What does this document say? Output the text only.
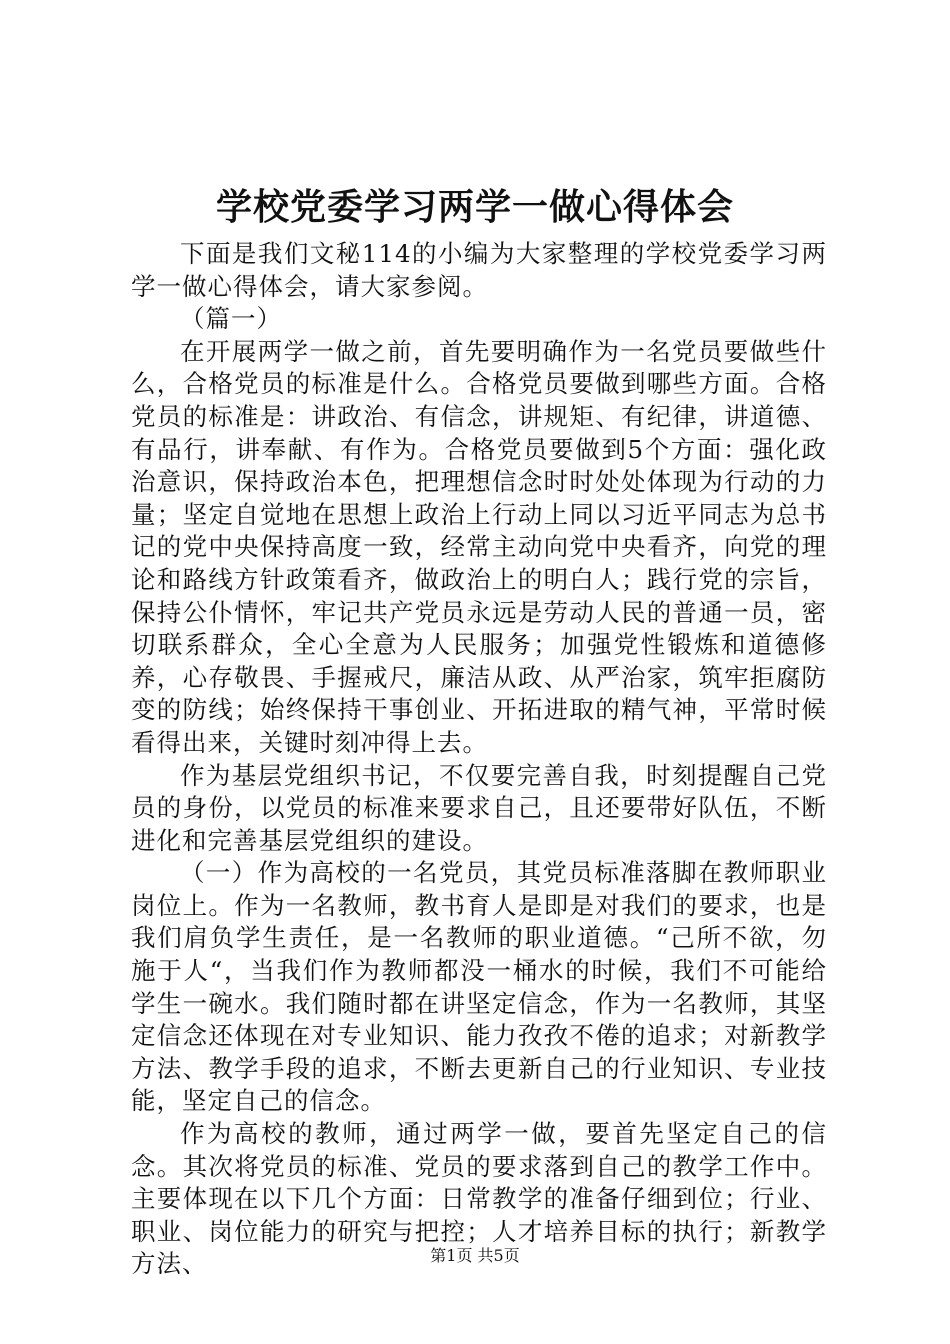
学校党委学习两学一做心得体会

下面是我们文秘114的小编为大家整理的学校党委学习两学一做心得体会，请大家参阅。

（篇一）

在开展两学一做之前，首先要明确作为一名党员要做些什么，合格党员的标准是什么。合格党员要做到哪些方面。合格党员的标准是：讲政治、有信念，讲规矩、有纪律，讲道德、有品行，讲奉献、有作为。合格党员要做到5个方面：强化政治意识，保持政治本色，把理想信念时时处处体现为行动的力量；坚定自觉地在思想上政治上行动上同以习近平同志为总书记的党中央保持高度一致，经常主动向党中央看齐，向党的理论和路线方针政策看齐，做政治上的明白人；践行党的宗旨，保持公仆情怀，牢记共产党员永远是劳动人民的普通一员，密切联系群众，全心全意为人民服务；加强党性锻炼和道德修养，心存敬畏、手握戒尺，廉洁从政、从严治家，筑牢拒腐防变的防线；始终保持干事创业、开拓进取的精气神，平常时候看得出来，关键时刻冲得上去。

作为基层党组织书记，不仅要完善自我，时刻提醒自己党员的身份，以党员的标准来要求自己，且还要带好队伍，不断进化和完善基层党组织的建设。

（一）作为高校的一名党员，其党员标准落脚在教师职业岗位上。作为一名教师，教书育人是即是对我们的要求，也是我们肩负学生责任，是一名教师的职业道德。“己所不欲，勿施于人“，当我们作为教师都没一桶水的时候，我们不可能给学生一碗水。我们随时都在讲坚定信念，作为一名教师，其坚定信念还体现在对专业知识、能力孜孜不倦的追求；对新教学方法、教学手段的追求，不断去更新自己的行业知识、专业技能，坚定自己的信念。

作为高校的教师，通过两学一做，要首先坚定自己的信念。其次将党员的标准、党员的要求落到自己的教学工作中。主要体现在以下几个方面：日常教学的准备仔细到位；行业、职业、岗位能力的研究与把控；人才培养目标的执行；新教学方法、	第1页 共5页
